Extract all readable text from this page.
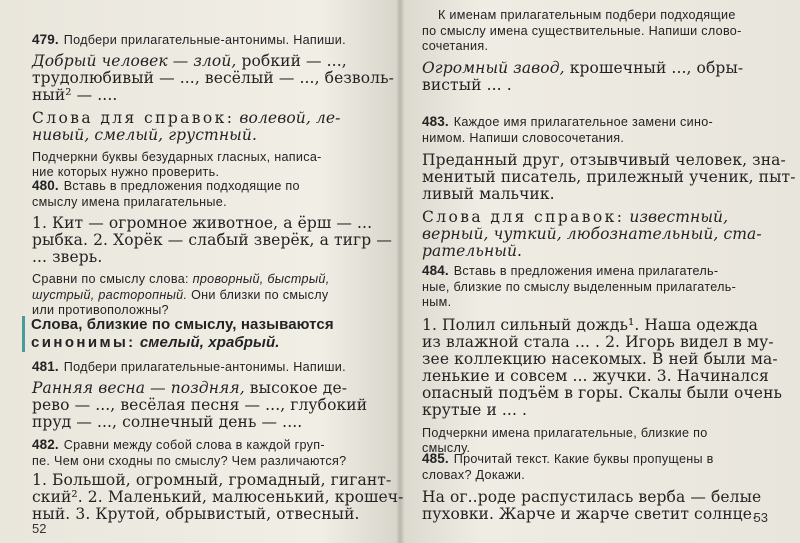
479. Подбери прилагательные-антонимы. Напиши.
Добрый человек — злой, робкий — ...,
трудолюбивый — ..., весёлый — ..., безволь-
ный² — ....
Слова для справок: волевой, ле-
нивый, смелый, грустный.
Подчеркни буквы безударных гласных, написа-
ние которых нужно проверить.
480. Вставь в предложения подходящие по
смыслу имена прилагательные.
1. Кит — огромное животное, а ёрш — ...
рыбка. 2. Хорёк — слабый зверёк, а тигр —
... зверь.
Сравни по смыслу слова: проворный, быстрый,
шустрый, расторопный. Они близки по смыслу
или противоположны?
Слова, близкие по смыслу, называются
синонимы: смелый, храбрый.
481. Подбери прилагательные-антонимы. Напиши.
Ранняя весна — поздняя, высокое де-
рево — ..., весёлая песня — ..., глубокий
пруд — ..., солнечный день — ....
482. Сравни между собой слова в каждой груп-
пе. Чем они сходны по смыслу? Чем различаются?
1. Большой, огромный, громадный, гигант-
ский². 2. Маленький, малюсенький, крошеч-
ный. 3. Крутой, обрывистый, отвесный.
52
К именам прилагательным подбери подходящие
по смыслу имена существительные. Напиши слово-
сочетания.
Огромный завод, крошечный ..., обры-
вистый ... .
483. Каждое имя прилагательное замени сино-
нимом. Напиши словосочетания.
Преданный друг, отзывчивый человек, зна-
менитый писатель, прилежный ученик, пыт-
ливый мальчик.
Слова для справок: известный,
верный, чуткий, любознательный, ста-
рательный.
484. Вставь в предложения имена прилагатель-
ные, близкие по смыслу выделенным прилагатель-
ным.
1. Полил сильный дождь¹. Наша одежда
из влажной стала ... . 2. Игорь видел в му-
зее коллекцию насекомых. В ней были ма-
ленькие и совсем ... жучки. 3. Начинался
опасный подъём в горы. Скалы были очень
крутые и ... .
Подчеркни имена прилагательные, близкие по
смыслу.
485. Прочитай текст. Какие буквы пропущены в
словах? Докажи.
На ог..роде распустилась верба — белые
пуховки. Жарче и жарче светит солнце.
53
